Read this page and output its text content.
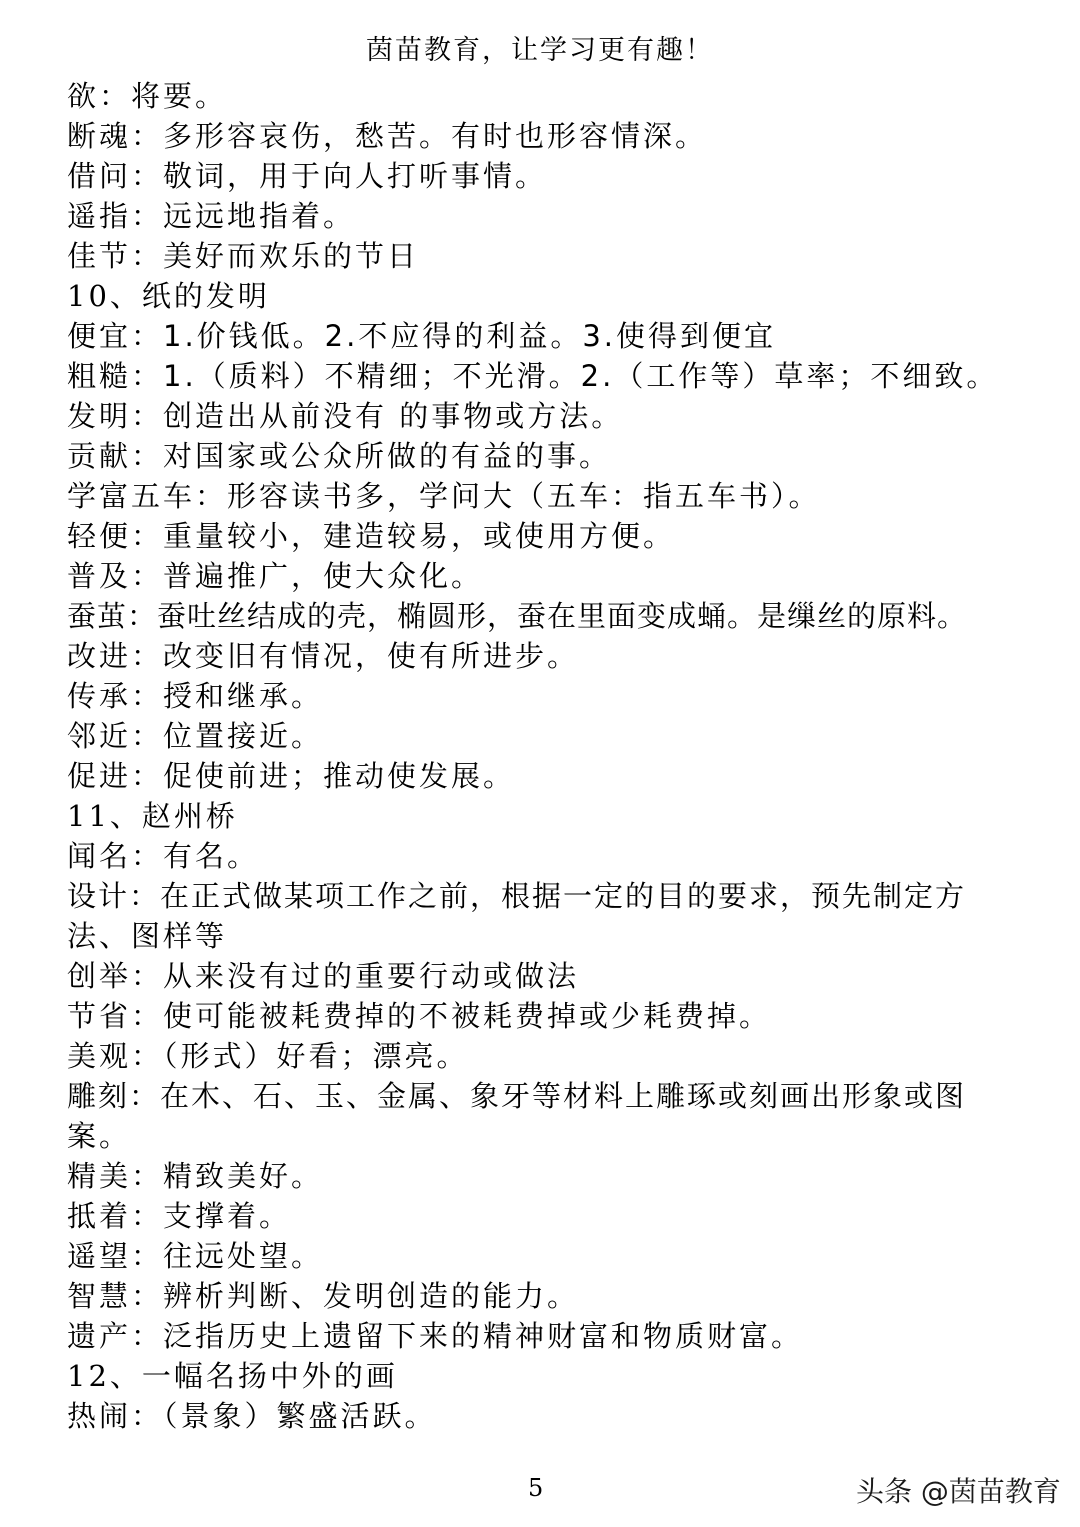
茵苗教育，让学习更有趣！
欲：将要。
断魂：多形容哀伤，愁苦。有时也形容情深。
借问：敬词，用于向人打听事情。
遥指：远远地指着。
佳节：美好而欢乐的节日
10、纸的发明
便宜：1.价钱低。2.不应得的利益。3.使得到便宜
粗糙：1.（质料）不精细；不光滑。2.（工作等）草率；不细致。
发明：创造出从前没有 的事物或方法。
贡献：对国家或公众所做的有益的事。
学富五车：形容读书多，学问大（五车：指五车书）。
轻便：重量较小，建造较易，或使用方便。
普及：普遍推广，使大众化。
蚕茧：蚕吐丝结成的壳，椭圆形，蚕在里面变成蛹。是缫丝的原料。
改进：改变旧有情况，使有所进步。
传承：授和继承。
邻近：位置接近。
促进：促使前进；推动使发展。
11、赵州桥
闻名：有名。
设计：在正式做某项工作之前，根据一定的目的要求，预先制定方
法、图样等
创举：从来没有过的重要行动或做法
节省：使可能被耗费掉的不被耗费掉或少耗费掉。
美观：（形式）好看；漂亮。
雕刻：在木、石、玉、金属、象牙等材料上雕琢或刻画出形象或图
案。
精美：精致美好。
抵着：支撑着。
遥望：往远处望。
智慧：辨析判断、发明创造的能力。
遗产：泛指历史上遗留下来的精神财富和物质财富。
12、一幅名扬中外的画
热闹：（景象）繁盛活跃。
5	头条 @茵苗教育
